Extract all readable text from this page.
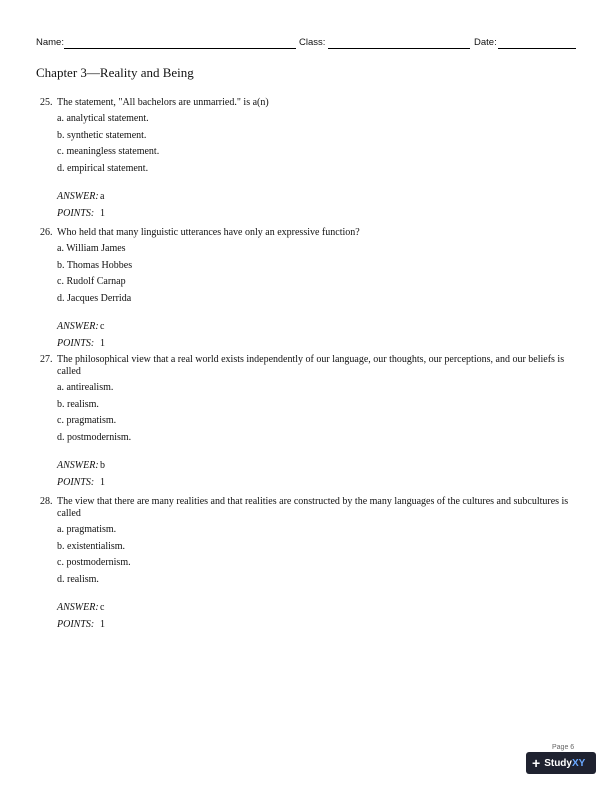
Name:	Class:	Date:
Chapter 3—Reality and Being
25. The statement, "All bachelors are unmarried." is a(n)
a. analytical statement.
b. synthetic statement.
c. meaningless statement.
d. empirical statement.
ANSWER:a
POINTS: 1
26. Who held that many linguistic utterances have only an expressive function?
a. William James
b. Thomas Hobbes
c. Rudolf Carnap
d. Jacques Derrida
ANSWER:c
POINTS: 1
27. The philosophical view that a real world exists independently of our language, our thoughts, our perceptions, and our beliefs is called
a. antirealism.
b. realism.
c. pragmatism.
d. postmodernism.
ANSWER:b
POINTS: 1
28. The view that there are many realities and that realities are constructed by the many languages of the cultures and subcultures is called
a. pragmatism.
b. existentialism.
c. postmodernism.
d. realism.
ANSWER:c
POINTS: 1
Page 6
+ StudyXY
